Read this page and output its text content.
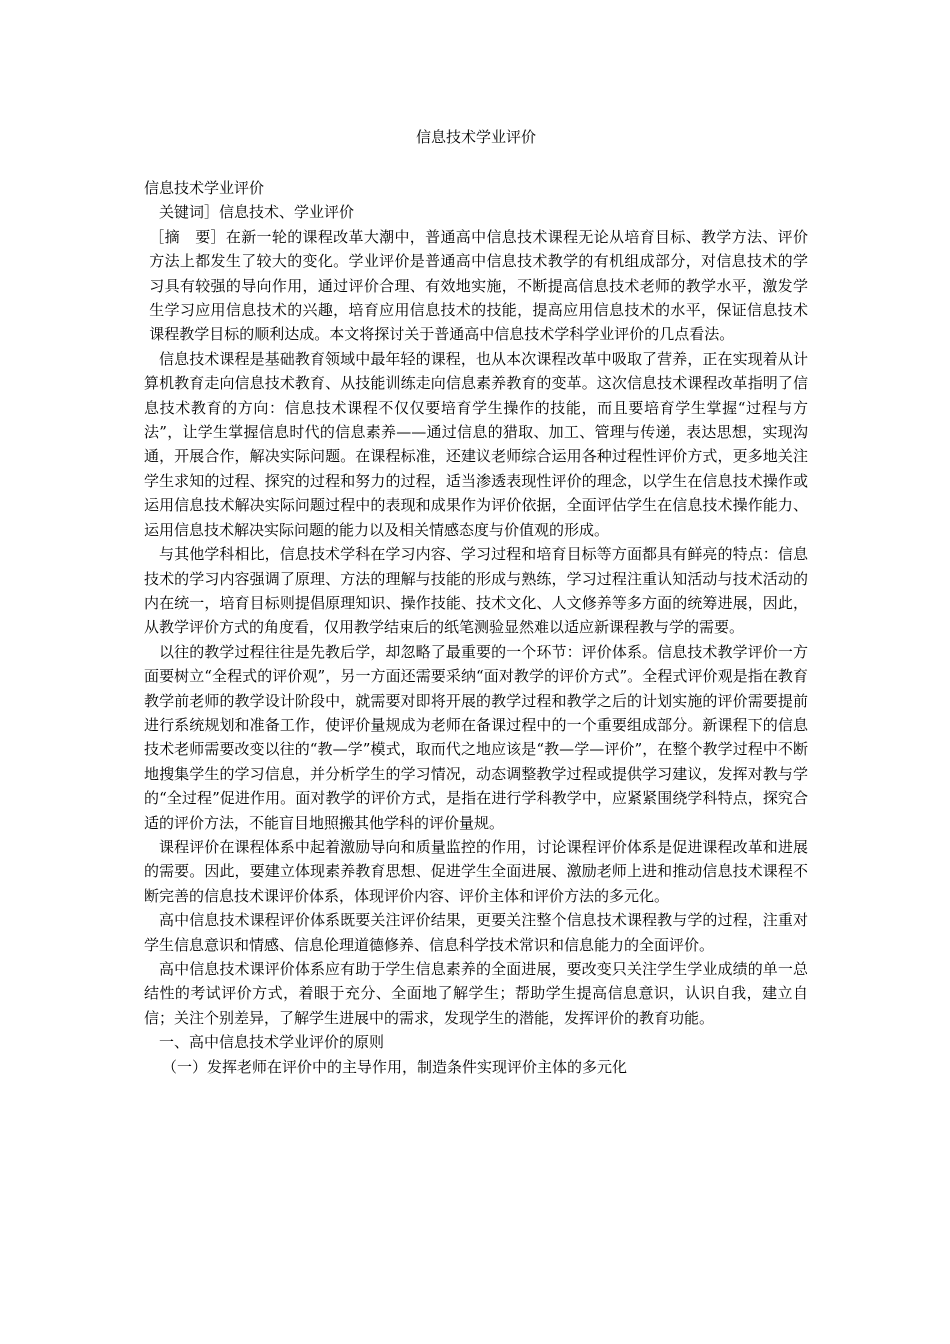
信息技术学业评价

信息技术学业评价

关键词］信息技术、学业评价

［摘　要］在新一轮的课程改革大潮中，普通高中信息技术课程无论从培育目标、教学方法、评价方法上都发生了较大的变化。学业评价是普通高中信息技术教学的有机组成部分，对信息技术的学习具有较强的导向作用，通过评价合理、有效地实施，不断提高信息技术老师的教学水平，激发学生学习应用信息技术的兴趣，培育应用信息技术的技能，提高应用信息技术的水平，保证信息技术课程教学目标的顺利达成。本文将探讨关于普通高中信息技术学科学业评价的几点看法。

信息技术课程是基础教育领域中最年轻的课程，也从本次课程改革中吸取了营养，正在实现着从计算机教育走向信息技术教育、从技能训练走向信息素养教育的变革。这次信息技术课程改革指明了信息技术教育的方向：信息技术课程不仅仅要培育学生操作的技能，而且要培育学生掌握“过程与方法”，让学生掌握信息时代的信息素养——通过信息的猎取、加工、管理与传递，表达思想，实现沟通，开展合作，解决实际问题。在课程标准，还建议老师综合运用各种过程性评价方式，更多地关注学生求知的过程、探究的过程和努力的过程，适当渗透表现性评价的理念，以学生在信息技术操作或运用信息技术解决实际问题过程中的表现和成果作为评价依据，全面评估学生在信息技术操作能力、运用信息技术解决实际问题的能力以及相关情感态度与价值观的形成。

与其他学科相比，信息技术学科在学习内容、学习过程和培育目标等方面都具有鲜亮的特点：信息技术的学习内容强调了原理、方法的理解与技能的形成与熟练，学习过程注重认知活动与技术活动的内在统一，培育目标则提倡原理知识、操作技能、技术文化、人文修养等多方面的统筹进展，因此，从教学评价方式的角度看，仅用教学结束后的纸笔测验显然难以适应新课程教与学的需要。

以往的教学过程往往是先教后学，却忽略了最重要的一个环节：评价体系。信息技术教学评价一方面要树立“全程式的评价观”，另一方面还需要采纳“面对教学的评价方式”。全程式评价观是指在教育教学前老师的教学设计阶段中，就需要对即将开展的教学过程和教学之后的计划实施的评价需要提前进行系统规划和准备工作，使评价量规成为老师在备课过程中的一个重要组成部分。新课程下的信息技术老师需要改变以往的“教—学”模式，取而代之地应该是“教—学—评价”，在整个教学过程中不断地搜集学生的学习信息，并分析学生的学习情况，动态调整教学过程或提供学习建议，发挥对教与学的“全过程”促进作用。面对教学的评价方式，是指在进行学科教学中，应紧紧围绕学科特点，探究合适的评价方法，不能盲目地照搬其他学科的评价量规。

课程评价在课程体系中起着激励导向和质量监控的作用，讨论课程评价体系是促进课程改革和进展的需要。因此，要建立体现素养教育思想、促进学生全面进展、激励老师上进和推动信息技术课程不断完善的信息技术课评价体系，体现评价内容、评价主体和评价方法的多元化。

高中信息技术课程评价体系既要关注评价结果，更要关注整个信息技术课程教与学的过程，注重对学生信息意识和情感、信息伦理道德修养、信息科学技术常识和信息能力的全面评价。

高中信息技术课评价体系应有助于学生信息素养的全面进展，要改变只关注学生学业成绩的单一总结性的考试评价方式，着眼于充分、全面地了解学生；帮助学生提高信息意识，认识自我，建立自信；关注个别差异，了解学生进展中的需求，发现学生的潜能，发挥评价的教育功能。

一、高中信息技术学业评价的原则

（一）发挥老师在评价中的主导作用，制造条件实现评价主体的多元化
